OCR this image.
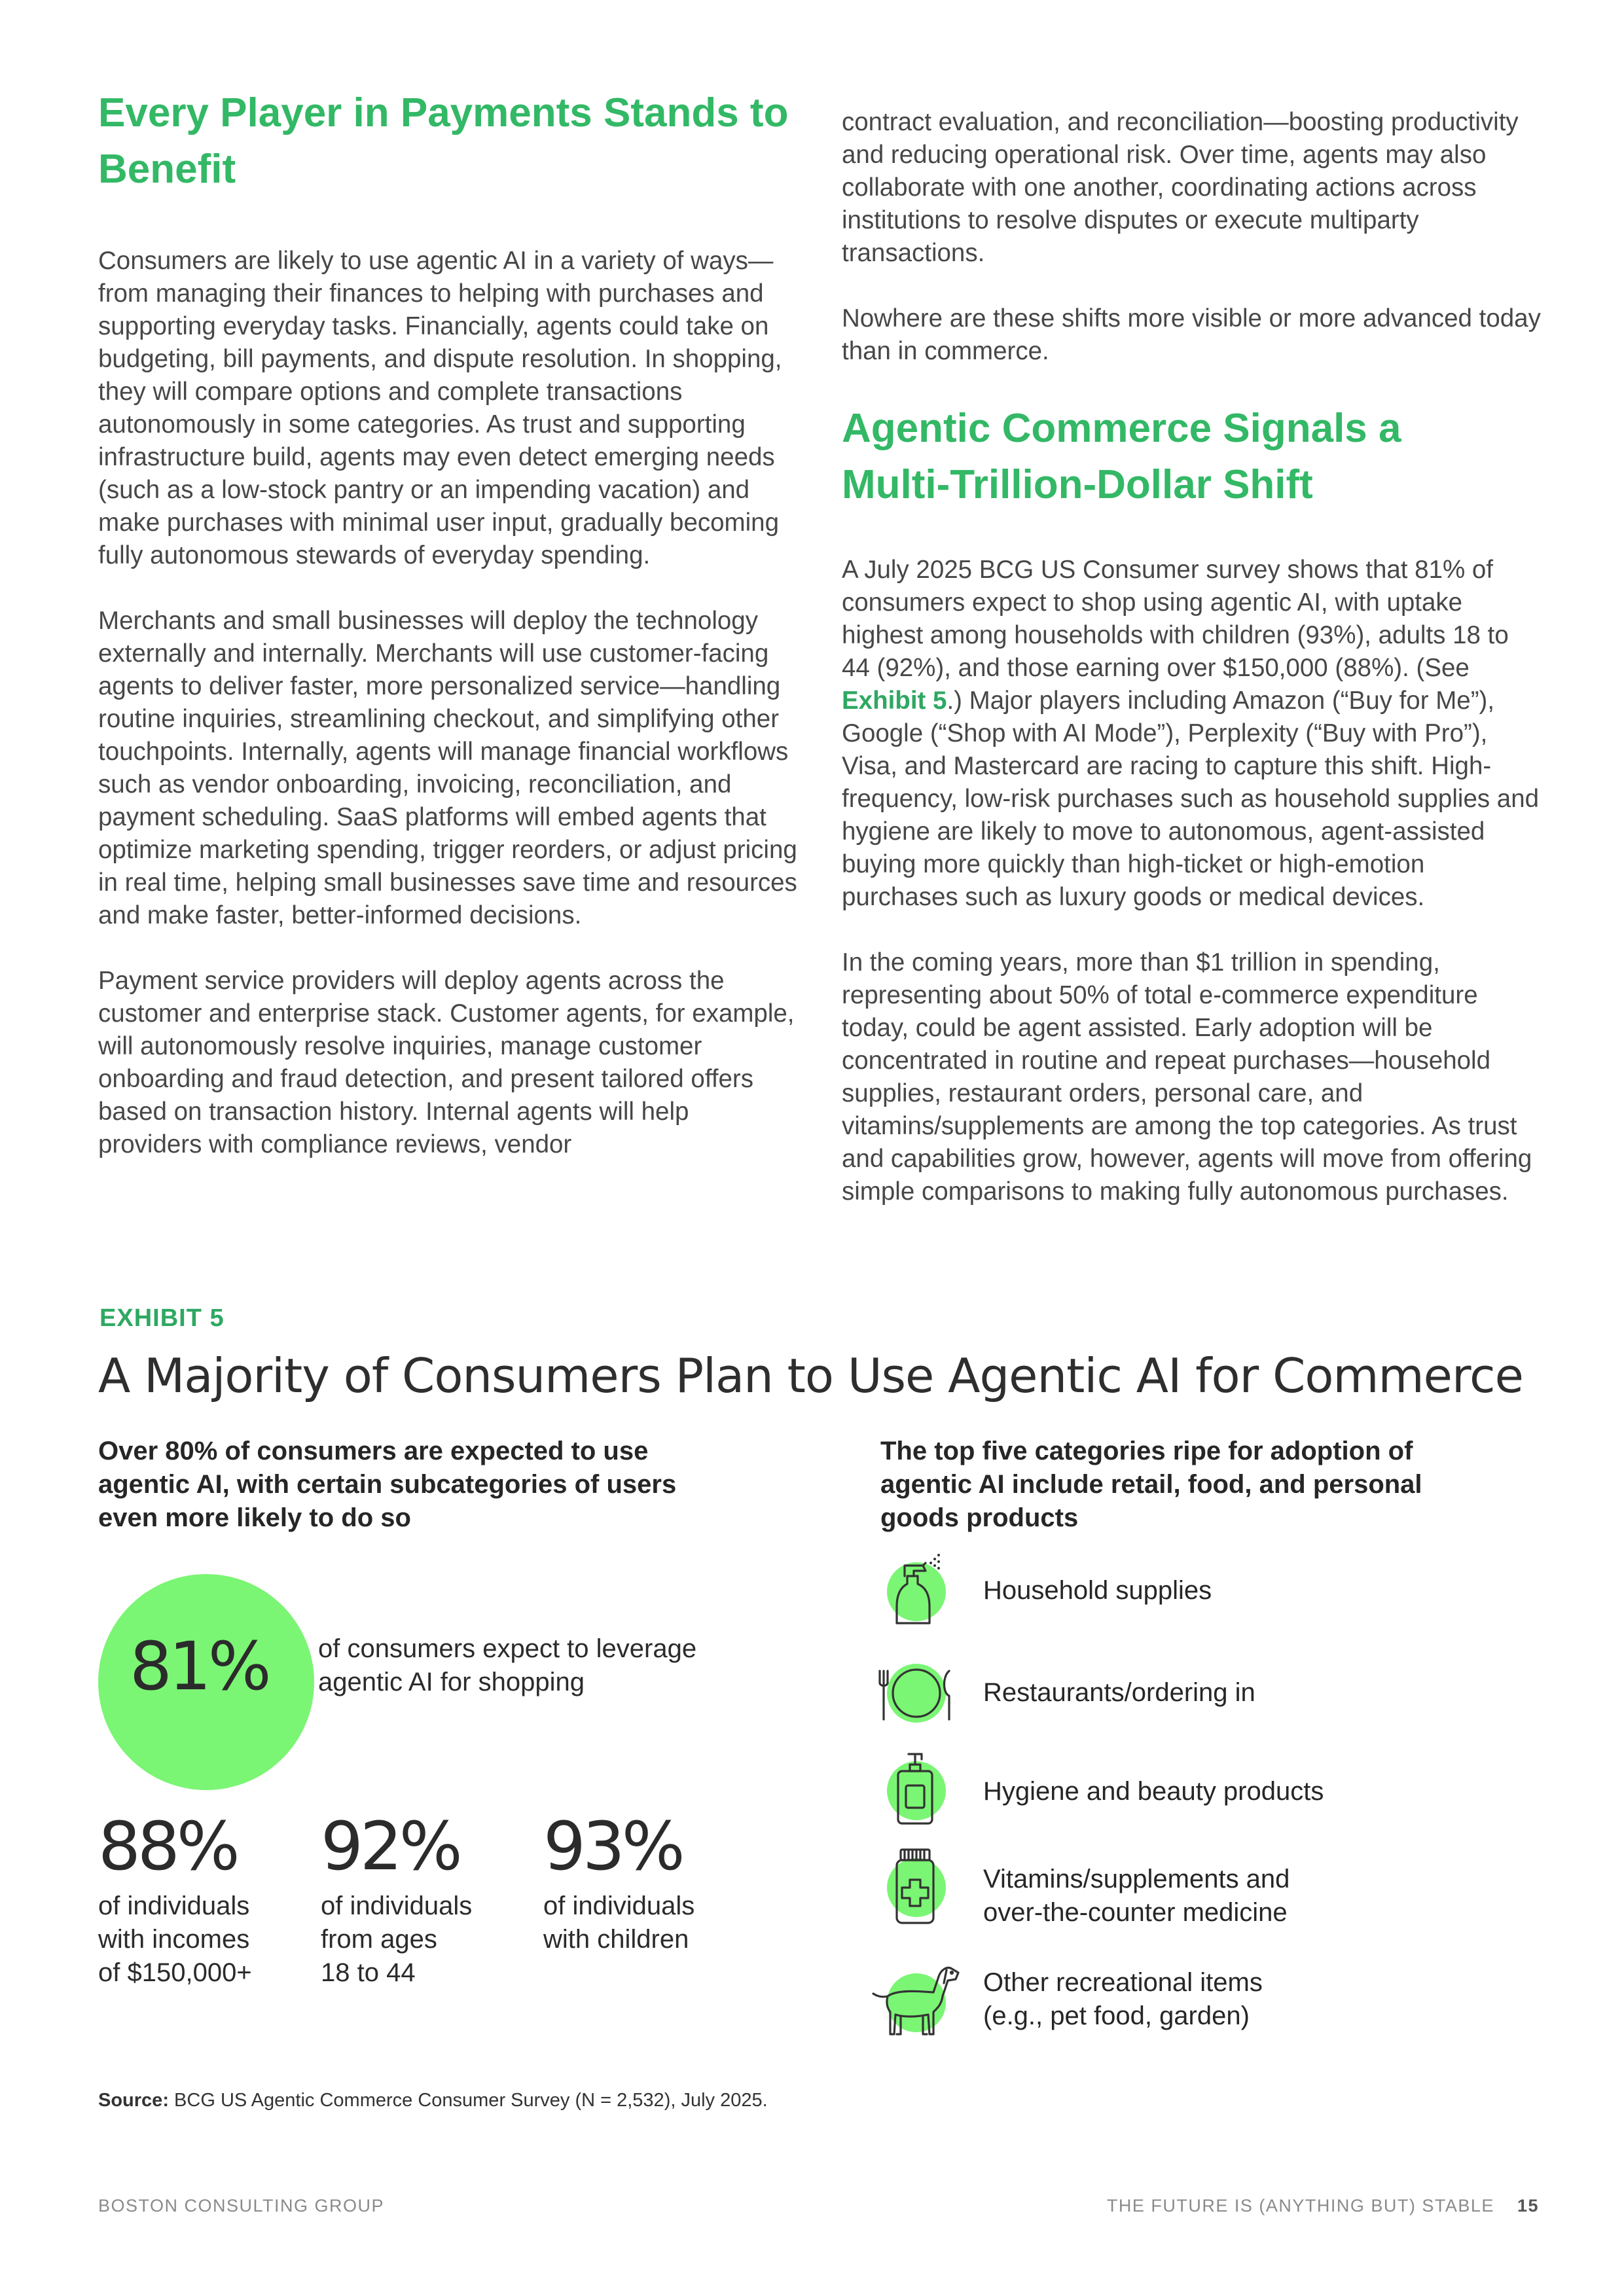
Every Player in Payments Stands to Benefit

Consumers are likely to use agentic AI in a variety of ways—from managing their finances to helping with purchases and supporting everyday tasks. Financially, agents could take on budgeting, bill payments, and dispute resolution. In shopping, they will compare options and complete transactions autonomously in some categories. As trust and supporting infrastructure build, agents may even detect emerging needs (such as a low-stock pantry or an impending vacation) and make purchases with minimal user input, gradually becoming fully autonomous stewards of everyday spending.

Merchants and small businesses will deploy the technology externally and internally. Merchants will use customer-facing agents to deliver faster, more personalized service—handling routine inquiries, streamlining checkout, and simplifying other touchpoints. Internally, agents will manage financial workflows such as vendor onboarding, invoicing, reconciliation, and payment scheduling. SaaS platforms will embed agents that optimize marketing spending, trigger reorders, or adjust pricing in real time, helping small businesses save time and resources and make faster, better-informed decisions.

Payment service providers will deploy agents across the customer and enterprise stack. Customer agents, for example, will autonomously resolve inquiries, manage customer onboarding and fraud detection, and present tailored offers based on transaction history. Internal agents will help providers with compliance reviews, vendor

contract evaluation, and reconciliation—boosting productivity and reducing operational risk. Over time, agents may also collaborate with one another, coordinating actions across institutions to resolve disputes or execute multiparty transactions.

Nowhere are these shifts more visible or more advanced today than in commerce.

Agentic Commerce Signals a Multi-Trillion-Dollar Shift

A July 2025 BCG US Consumer survey shows that 81% of consumers expect to shop using agentic AI, with uptake highest among households with children (93%), adults 18 to 44 (92%), and those earning over $150,000 (88%). (See Exhibit 5.) Major players including Amazon (“Buy for Me”), Google (“Shop with AI Mode”), Perplexity (“Buy with Pro”), Visa, and Mastercard are racing to capture this shift. High-frequency, low-risk purchases such as household supplies and hygiene are likely to move to autonomous, agent-assisted buying more quickly than high-ticket or high-emotion purchases such as luxury goods or medical devices.

In the coming years, more than $1 trillion in spending, representing about 50% of total e-commerce expenditure today, could be agent assisted. Early adoption will be concentrated in routine and repeat purchases—household supplies, restaurant orders, personal care, and vitamins/supplements are among the top categories. As trust and capabilities grow, however, agents will move from offering simple comparisons to making fully autonomous purchases.

EXHIBIT 5
A Majority of Consumers Plan to Use Agentic AI for Commerce
Over 80% of consumers are expected to use agentic AI, with certain subcategories of users even more likely to do so
The top five categories ripe for adoption of agentic AI include retail, food, and personal goods products
81% of consumers expect to leverage
agentic AI for shopping
88%
of individuals
with incomes
of $150,000+
92%
of individuals
from ages
18 to 44
93%
of individuals
with children
Household supplies
Restaurants/ordering in
Hygiene and beauty products
Vitamins/supplements and
over-the-counter medicine
Other recreational items
(e.g., pet food, garden)
Source: BCG US Agentic Commerce Consumer Survey (N = 2,532), July 2025.
BOSTON CONSULTING GROUP	THE FUTURE IS (ANYTHING BUT) STABLE 15
